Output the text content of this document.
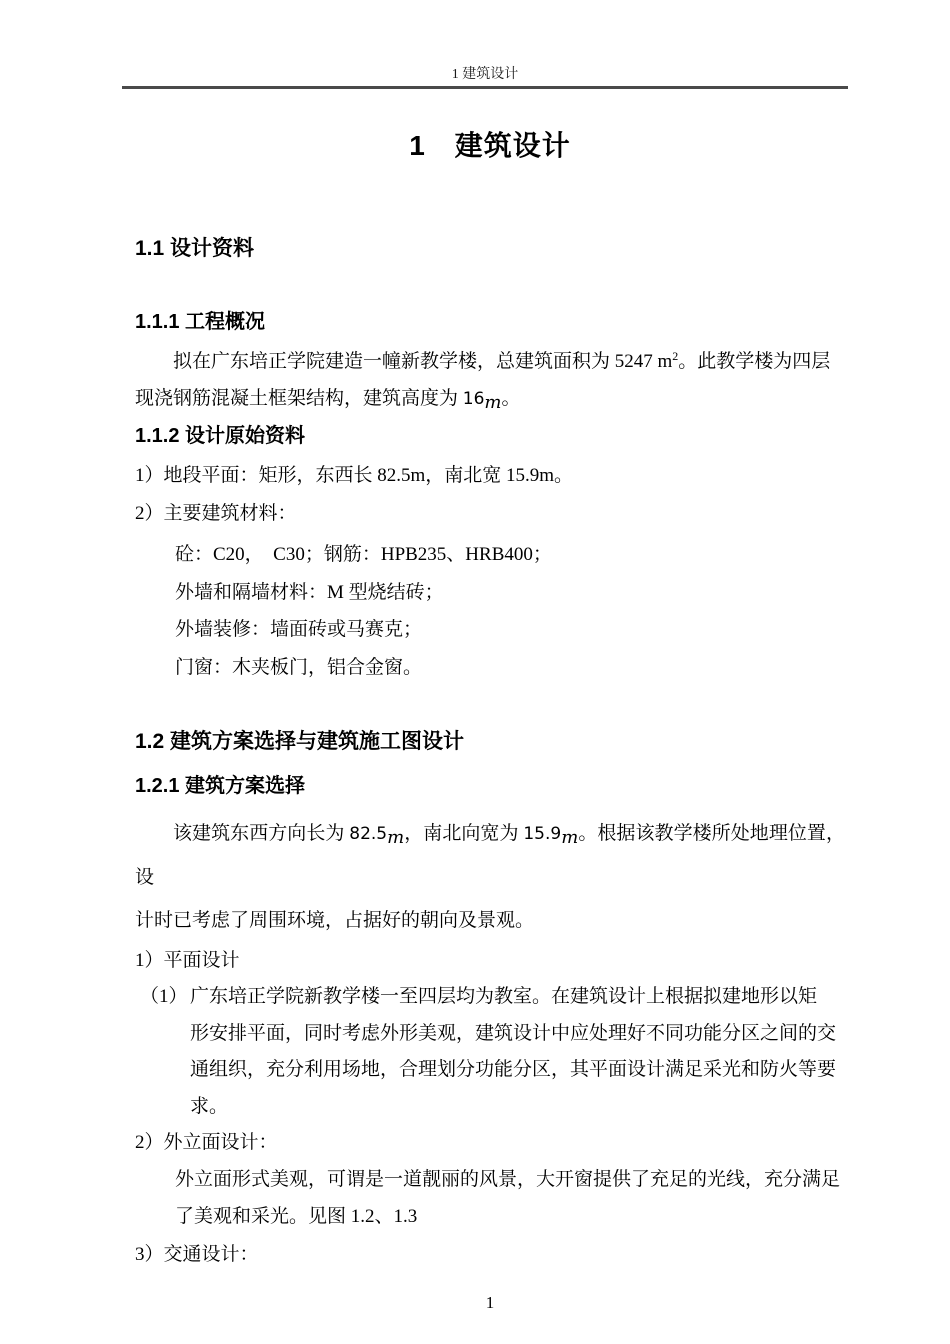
1 建筑设计
1　建筑设计
1.1 设计资料
1.1.1 工程概况
拟在广东培正学院建造一幢新教学楼，总建筑面积为 5247 $m^2$。此教学楼为四层
现浇钢筋混凝土框架结构，建筑高度为 16m。
1.1.2 设计原始资料
1）地段平面：矩形，东西长 82.5m，南北宽 15.9m。
2）主要建筑材料：
砼：C20，　C30；钢筋：HPB235、HRB400；
外墙和隔墙材料：M 型烧结砖；
外墙装修：墙面砖或马赛克；
门窗：木夹板门，铝合金窗。
1.2 建筑方案选择与建筑施工图设计
1.2.1 建筑方案选择
该建筑东西方向长为 82.5m，南北向宽为 15.9m。根据该教学楼所处地理位置，设
计时已考虑了周围环境，占据好的朝向及景观。
1）平面设计
（1） 广东培正学院新教学楼一至四层均为教室。在建筑设计上根据拟建地形以矩
形安排平面，同时考虑外形美观，建筑设计中应处理好不同功能分区之间的交
通组织，充分利用场地，合理划分功能分区，其平面设计满足采光和防火等要
求。
2）外立面设计：
外立面形式美观，可谓是一道靓丽的风景，大开窗提供了充足的光线，充分满足
了美观和采光。见图 1.2、1.3
3）交通设计：
1
